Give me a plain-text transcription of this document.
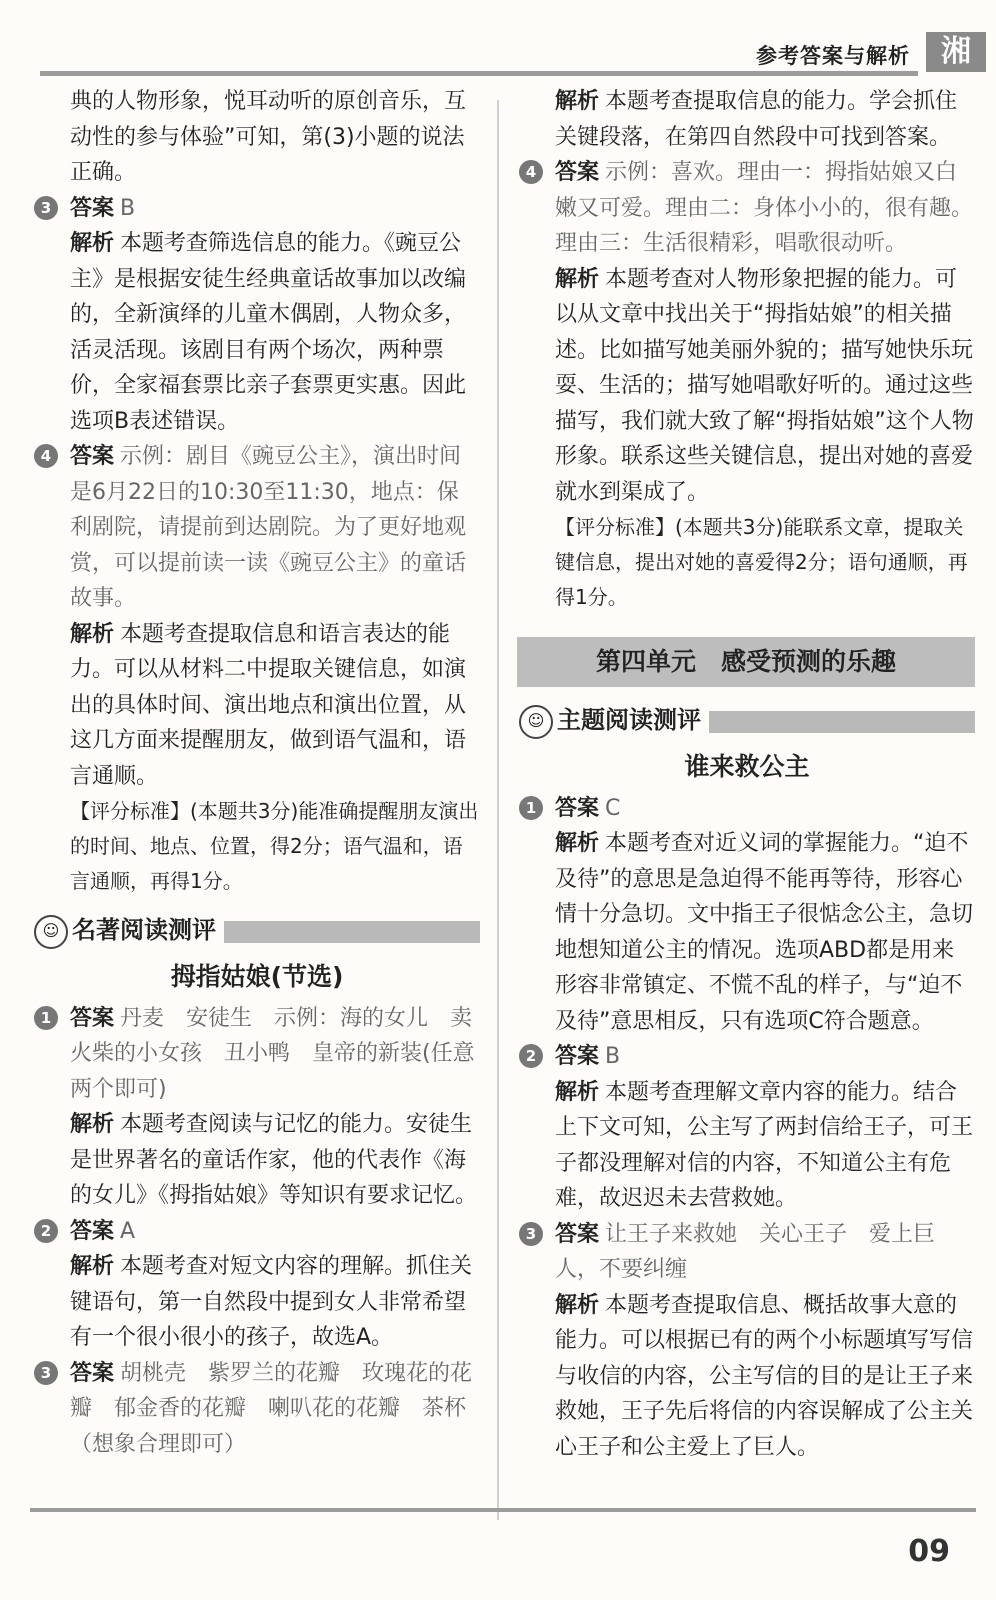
参考答案与解析	湘

典的人物形象，悦耳动听的原创音乐，互动性的参与体验”可知，第(3)小题的说法正确。

3 答案 B

解析 本题考查筛选信息的能力。《豌豆公主》是根据安徒生经典童话故事加以改编的，全新演绎的儿童木偶剧，人物众多，活灵活现。该剧目有两个场次，两种票价，全家福套票比亲子套票更实惠。因此选项B表述错误。

4 答案 示例：剧目《豌豆公主》，演出时间是6月22日的10:30至11:30，地点：保利剧院，请提前到达剧院。为了更好地观赏，可以提前读一读《豌豆公主》的童话故事。

解析 本题考查提取信息和语言表达的能力。可以从材料二中提取关键信息，如演出的具体时间、演出地点和演出位置，从这几方面来提醒朋友，做到语气温和，语言通顺。

【评分标准】(本题共3分)能准确提醒朋友演出的时间、地点、位置，得2分；语气温和，语言通顺，再得1分。

☺ 名著阅读测评
拇指姑娘(节选)
1 答案 丹麦　安徒生　示例：海的女儿　卖火柴的小女孩　丑小鸭　皇帝的新装(任意两个即可)

解析 本题考查阅读与记忆的能力。安徒生是世界著名的童话作家，他的代表作《海的女儿》《拇指姑娘》等知识有要求记忆。

2 答案 A

解析 本题考查对短文内容的理解。抓住关键语句，第一自然段中提到女人非常希望有一个很小很小的孩子，故选A。

3 答案 胡桃壳　紫罗兰的花瓣　玫瑰花的花瓣　郁金香的花瓣　喇叭花的花瓣　茶杯（想象合理即可）

解析 本题考查提取信息的能力。学会抓住关键段落，在第四自然段中可找到答案。

4 答案 示例：喜欢。理由一：拇指姑娘又白嫩又可爱。理由二：身体小小的，很有趣。理由三：生活很精彩，唱歌很动听。

解析 本题考查对人物形象把握的能力。可以从文章中找出关于“拇指姑娘”的相关描述。比如描写她美丽外貌的；描写她快乐玩耍、生活的；描写她唱歌好听的。通过这些描写，我们就大致了解“拇指姑娘”这个人物形象。联系这些关键信息，提出对她的喜爱就水到渠成了。

【评分标准】(本题共3分)能联系文章，提取关键信息，提出对她的喜爱得2分；语句通顺，再得1分。

第四单元　感受预测的乐趣
☺ 主题阅读测评
谁来救公主
1 答案 C

解析 本题考查对近义词的掌握能力。“迫不及待”的意思是急迫得不能再等待，形容心情十分急切。文中指王子很惦念公主，急切地想知道公主的情况。选项ABD都是用来形容非常镇定、不慌不乱的样子，与“迫不及待”意思相反，只有选项C符合题意。

2 答案 B

解析 本题考查理解文章内容的能力。结合上下文可知，公主写了两封信给王子，可王子都没理解对信的内容，不知道公主有危难，故迟迟未去营救她。

3 答案 让王子来救她　关心王子　爱上巨人，不要纠缠

解析 本题考查提取信息、概括故事大意的能力。可以根据已有的两个小标题填写写信与收信的内容，公主写信的目的是让王子来救她，王子先后将信的内容误解成了公主关心王子和公主爱上了巨人。

09
